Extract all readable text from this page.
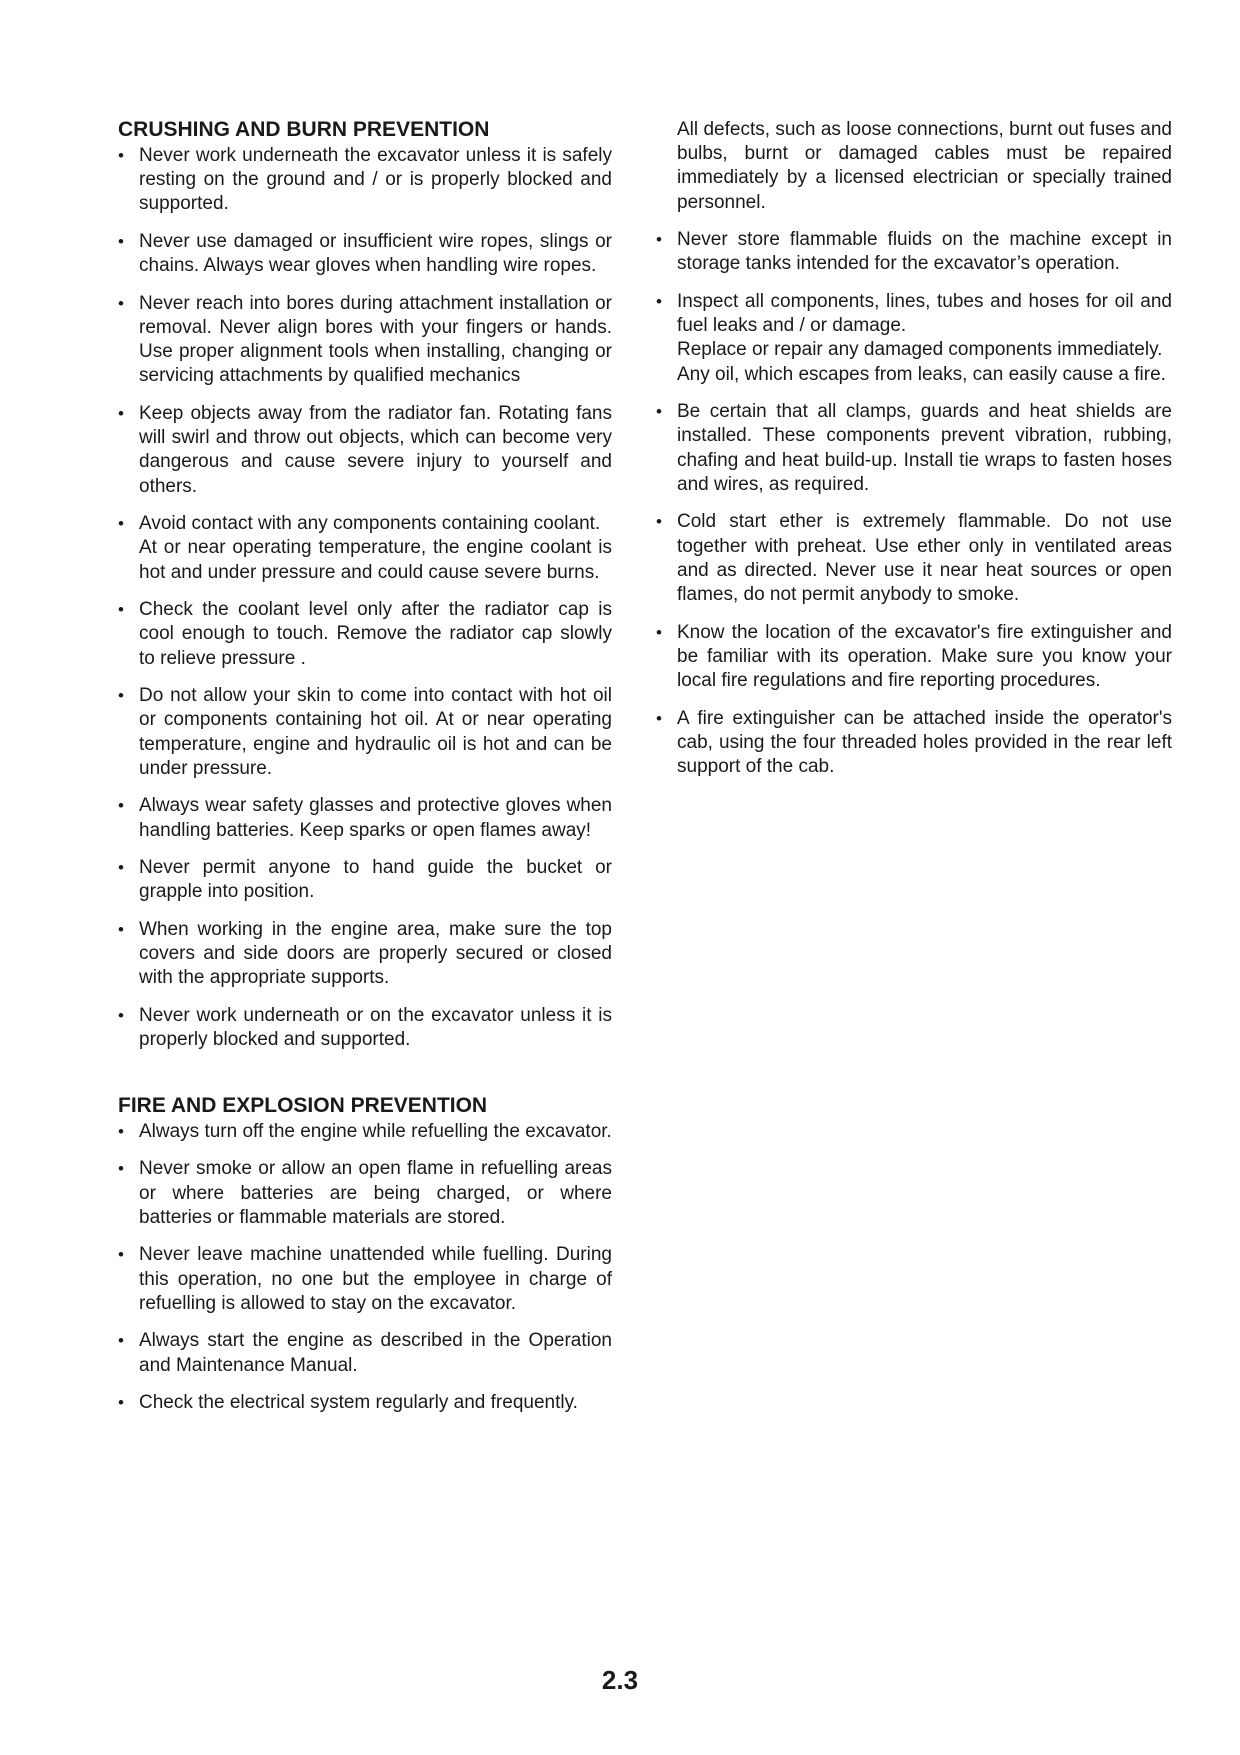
CRUSHING AND BURN PREVENTION
• Never work underneath the excavator unless it is safely resting on the ground and / or is properly blocked and supported.
• Never use damaged or insufficient wire ropes, slings or chains. Always wear gloves when handling wire ropes.
• Never reach into bores during attachment installation or removal. Never align bores with your fingers or hands. Use proper alignment tools when installing, changing or servicing attachments by qualified mechanics
• Keep objects away from the radiator fan. Rotating fans will swirl and throw out objects, which can become very dangerous and cause severe injury to yourself and others.
• Avoid contact with any components containing coolant.
At or near operating temperature, the engine coolant is hot and under pressure and could cause severe burns.
• Check the coolant level only after the radiator cap is cool enough to touch. Remove the radiator cap slowly to relieve pressure .
• Do not allow your skin to come into contact with hot oil or components containing hot oil. At or near operating temperature, engine and hydraulic oil is hot and can be under pressure.
• Always wear safety glasses and protective gloves when handling batteries. Keep sparks or open flames away!
• Never permit anyone to hand guide the bucket or grapple into position.
• When working in the engine area, make sure the top covers and side doors are properly secured or closed with the appropriate supports.
• Never work underneath or on the excavator unless it is properly blocked and supported.
FIRE AND EXPLOSION PREVENTION
• Always turn off the engine while refuelling the excavator.
• Never smoke or allow an open flame in refuelling areas or where batteries are being charged, or where batteries or flammable materials are stored.
• Never leave machine unattended while fuelling. During this operation, no one but the employee in charge of refuelling is allowed to stay on the excavator.
• Always start the engine as described in the Operation and Maintenance Manual.
• Check the electrical system regularly and frequently.
All defects, such as loose connections, burnt out fuses and bulbs, burnt or damaged cables must be repaired immediately by a licensed electrician or specially trained personnel.
• Never store flammable fluids on the machine except in storage tanks intended for the excavator’s operation.
• Inspect all components, lines, tubes and hoses for oil and fuel leaks and / or damage.
Replace or repair any damaged components immediately.
Any oil, which escapes from leaks, can easily cause a fire.
• Be certain that all clamps, guards and heat shields are installed. These components prevent vibration, rubbing, chafing and heat build-up. Install tie wraps to fasten hoses and wires, as required.
• Cold start ether is extremely flammable. Do not use together with preheat. Use ether only in ventilated areas and as directed. Never use it near heat sources or open flames, do not permit anybody to smoke.
• Know the location of the excavator's fire extinguisher and be familiar with its operation. Make sure you know your local fire regulations and fire reporting procedures.
• A fire extinguisher can be attached inside the operator's cab, using the four threaded holes provided in the rear left support of the cab.
2.3
